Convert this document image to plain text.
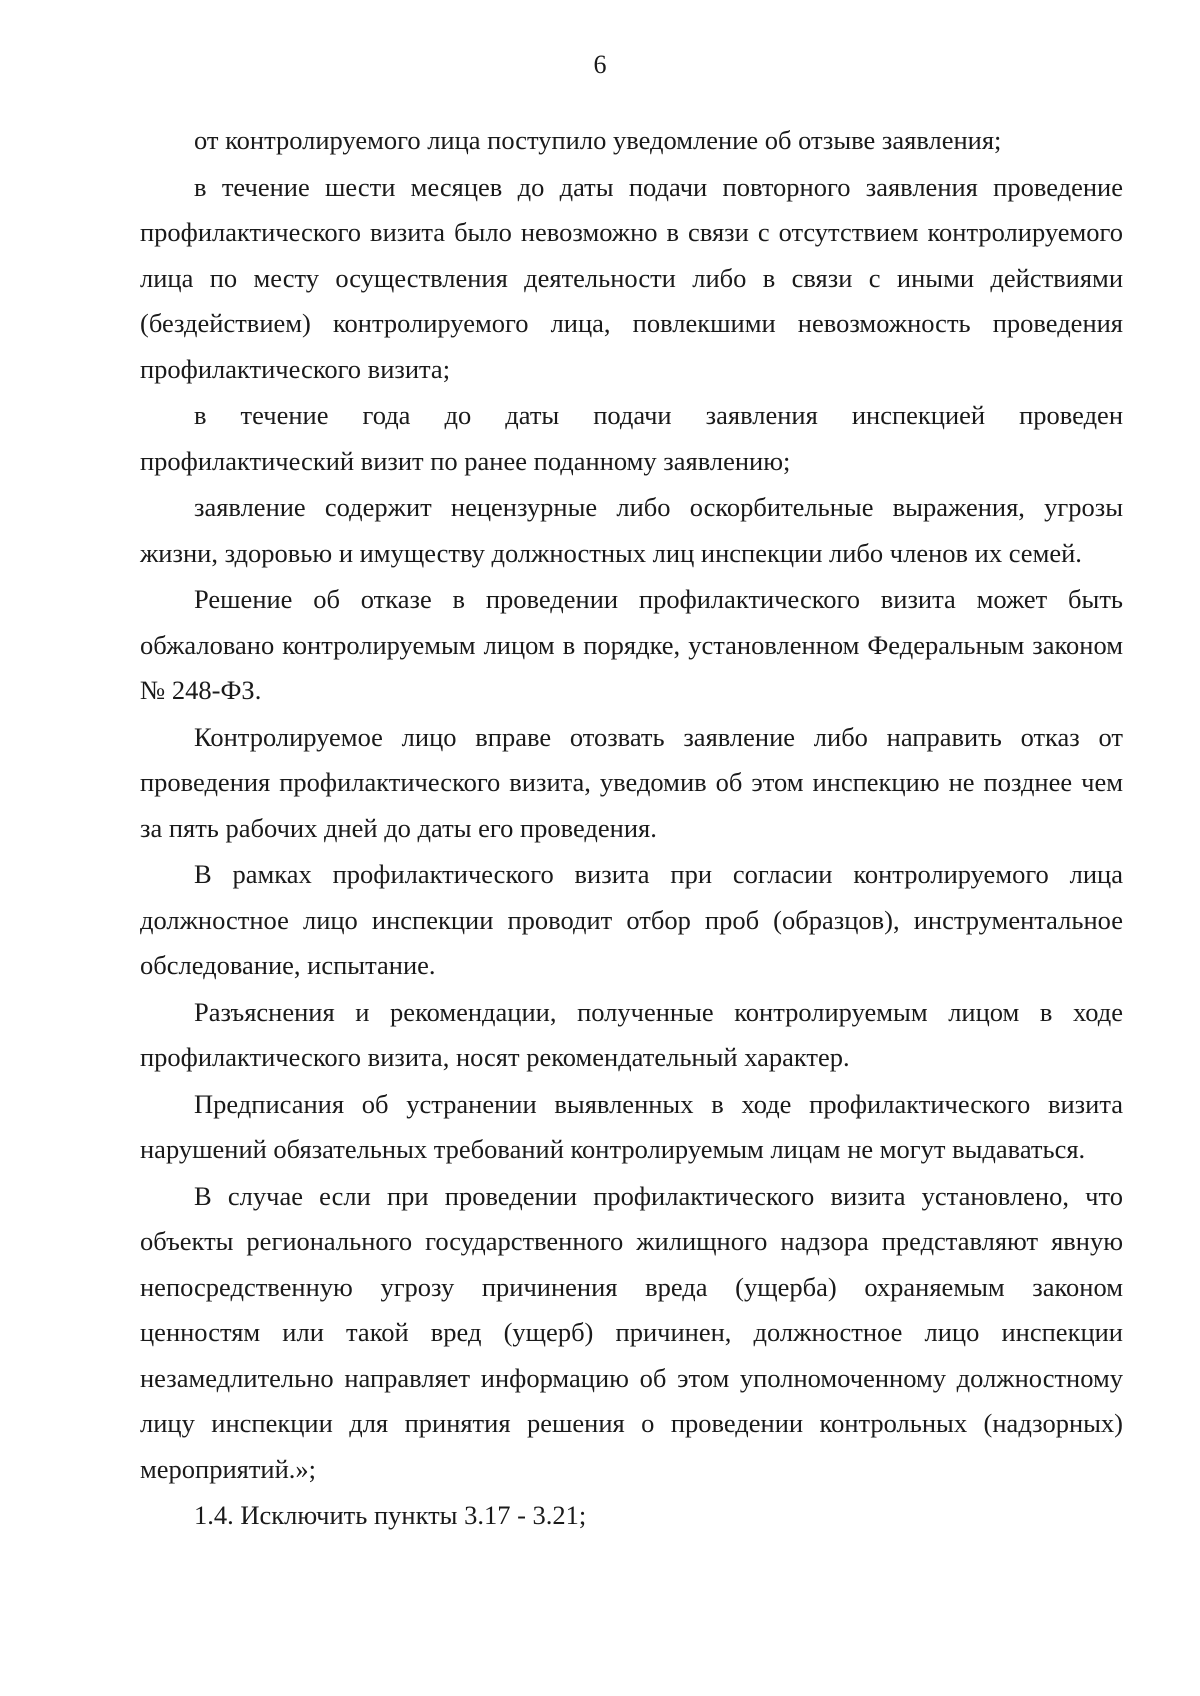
6

от контролируемого лица поступило уведомление об отзыве заявления;

в течение шести месяцев до даты подачи повторного заявления проведение профилактического визита было невозможно в связи с отсутствием контролируемого лица по месту осуществления деятельности либо в связи с иными действиями (бездействием) контролируемого лица, повлекшими невозможность проведения профилактического визита;

в течение года до даты подачи заявления инспекцией проведен профилактический визит по ранее поданному заявлению;

заявление содержит нецензурные либо оскорбительные выражения, угрозы жизни, здоровью и имуществу должностных лиц инспекции либо членов их семей.

Решение об отказе в проведении профилактического визита может быть обжаловано контролируемым лицом в порядке, установленном Федеральным законом № 248-ФЗ.

Контролируемое лицо вправе отозвать заявление либо направить отказ от проведения профилактического визита, уведомив об этом инспекцию не позднее чем за пять рабочих дней до даты его проведения.

В рамках профилактического визита при согласии контролируемого лица должностное лицо инспекции проводит отбор проб (образцов), инструментальное обследование, испытание.

Разъяснения и рекомендации, полученные контролируемым лицом в ходе профилактического визита, носят рекомендательный характер.

Предписания об устранении выявленных в ходе профилактического визита нарушений обязательных требований контролируемым лицам не могут выдаваться.

В случае если при проведении профилактического визита установлено, что объекты регионального государственного жилищного надзора представляют явную непосредственную угрозу причинения вреда (ущерба) охраняемым законом ценностям или такой вред (ущерб) причинен, должностное лицо инспекции незамедлительно направляет информацию об этом уполномоченному должностному лицу инспекции для принятия решения о проведении контрольных (надзорных) мероприятий.»;

1.4. Исключить пункты 3.17 - 3.21;
